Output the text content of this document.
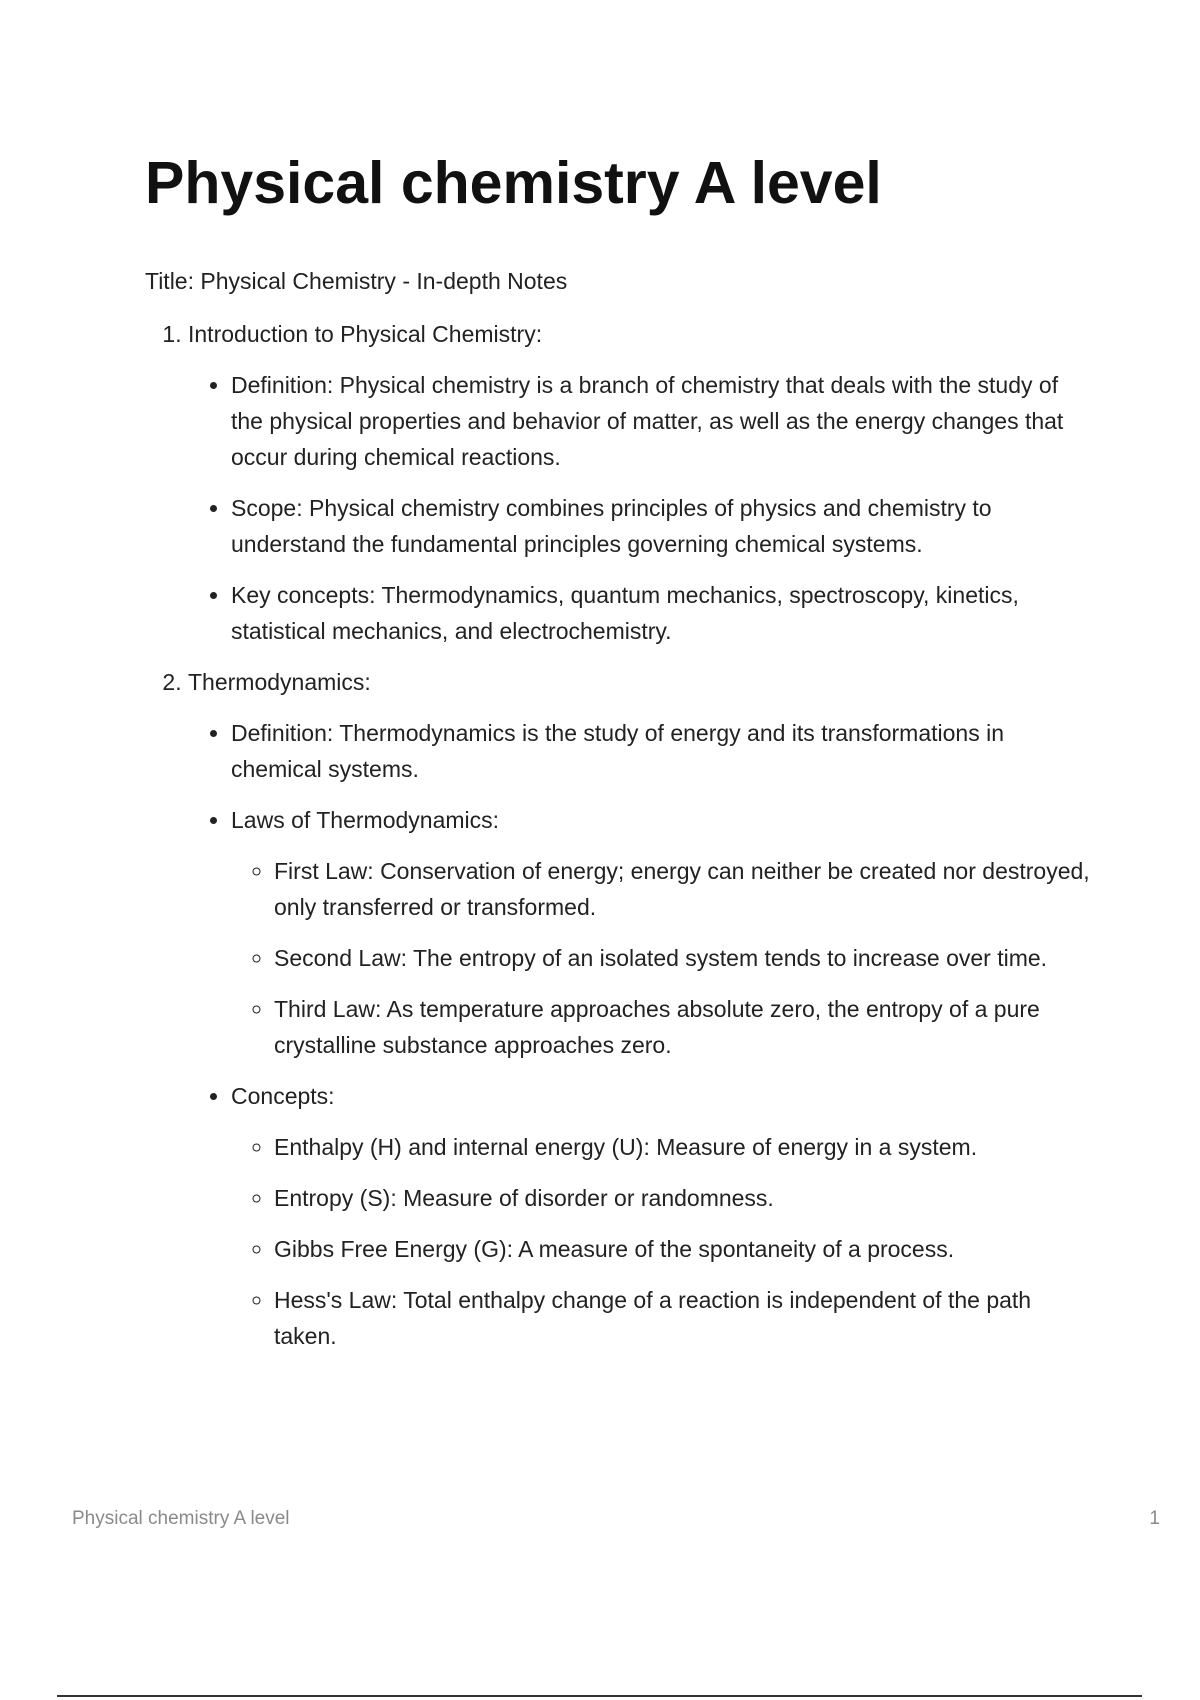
Physical chemistry A level

Title: Physical Chemistry - In-depth Notes

1. Introduction to Physical Chemistry:
• Definition: Physical chemistry is a branch of chemistry that deals with the study of the physical properties and behavior of matter, as well as the energy changes that occur during chemical reactions.
• Scope: Physical chemistry combines principles of physics and chemistry to understand the fundamental principles governing chemical systems.
• Key concepts: Thermodynamics, quantum mechanics, spectroscopy, kinetics, statistical mechanics, and electrochemistry.
2. Thermodynamics:
• Definition: Thermodynamics is the study of energy and its transformations in chemical systems.
• Laws of Thermodynamics:
◦ First Law: Conservation of energy; energy can neither be created nor destroyed, only transferred or transformed.
◦ Second Law: The entropy of an isolated system tends to increase over time.
◦ Third Law: As temperature approaches absolute zero, the entropy of a pure crystalline substance approaches zero.
• Concepts:
◦ Enthalpy (H) and internal energy (U): Measure of energy in a system.
◦ Entropy (S): Measure of disorder or randomness.
◦ Gibbs Free Energy (G): A measure of the spontaneity of a process.
◦ Hess's Law: Total enthalpy change of a reaction is independent of the path taken.
Physical chemistry A level	1
